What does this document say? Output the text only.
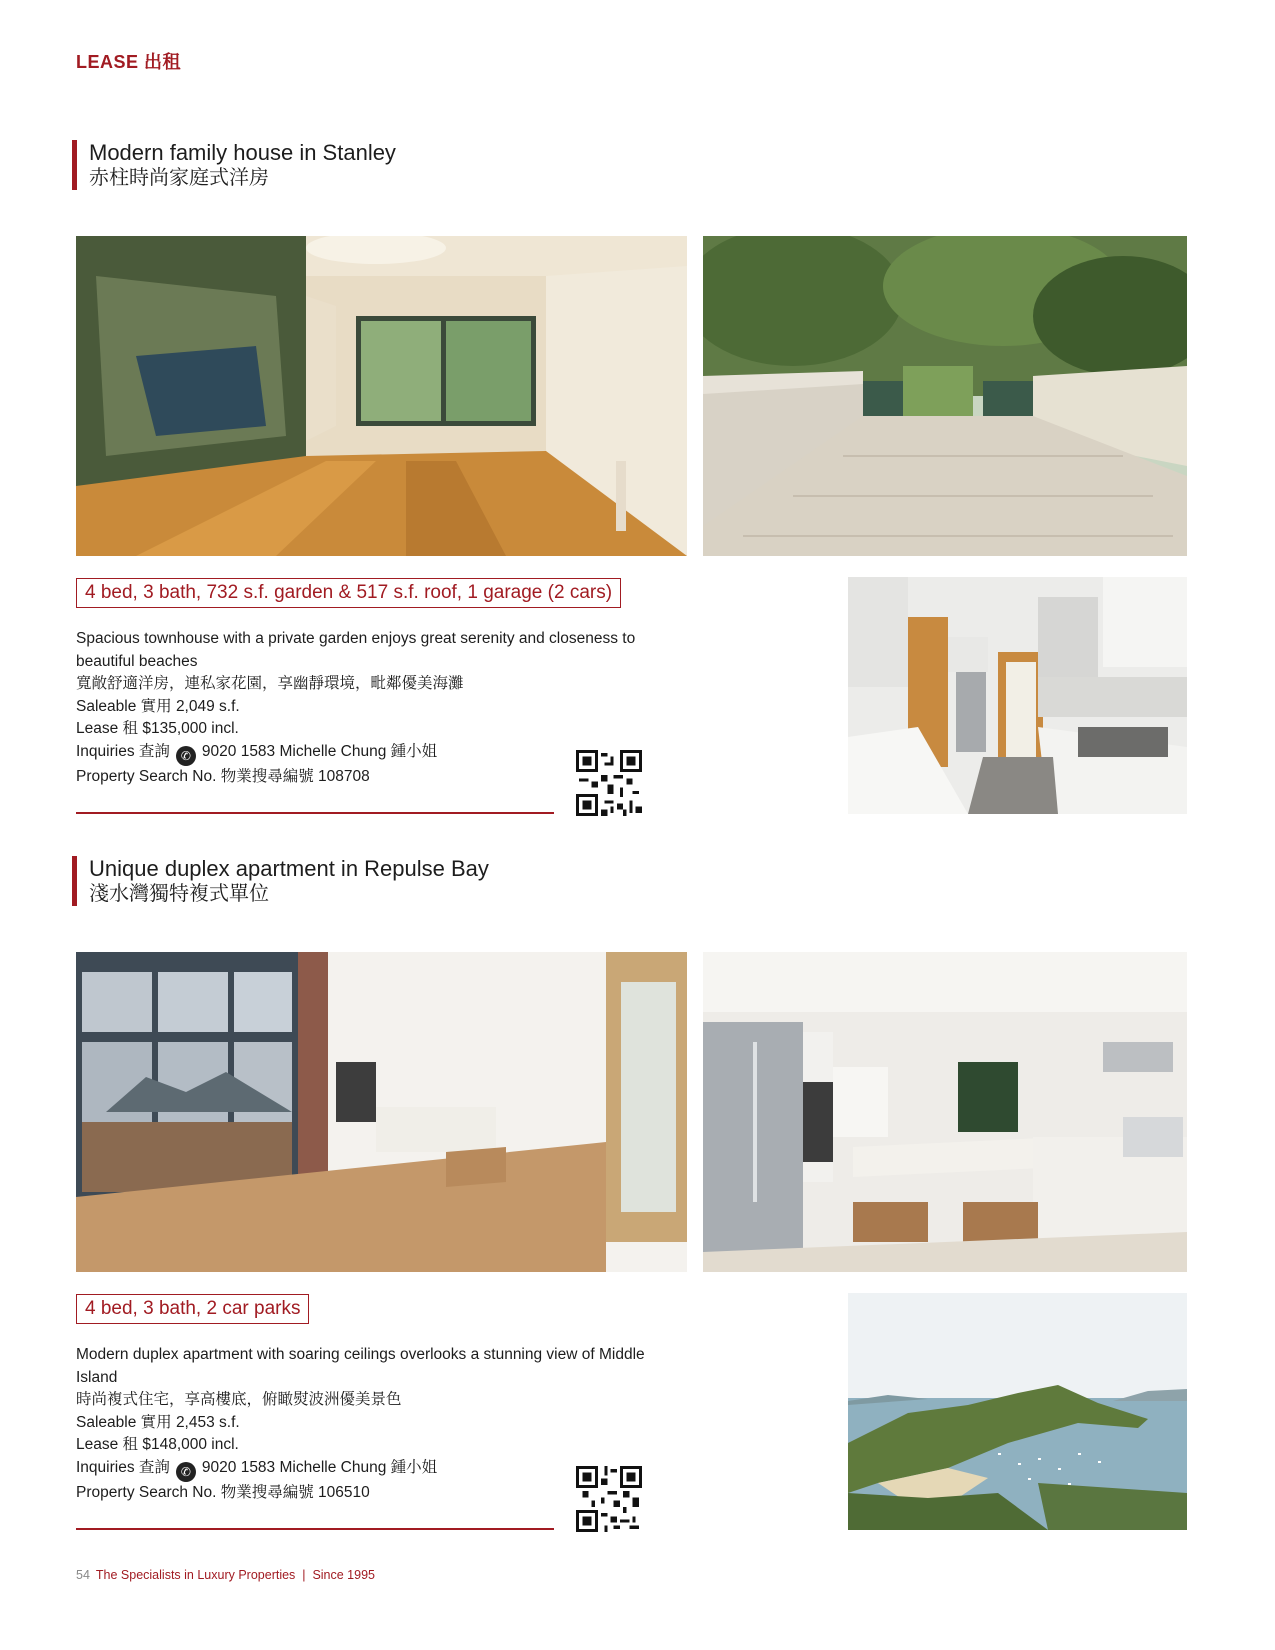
LEASE 出租
Modern family house in Stanley
赤柱時尚家庭式洋房
4 bed, 3 bath, 732 s.f. garden & 517 s.f. roof, 1 garage (2 cars)
Spacious townhouse with a private garden enjoys great serenity and closeness to beautiful beaches
寬敞舒適洋房，連私家花園，享幽靜環境，毗鄰優美海灘
Saleable 實用 2,049 s.f.
Lease 租 $135,000 incl.
Inquiries 查詢 ✆ 9020 1583 Michelle Chung 鍾小姐
Property Search No. 物業搜尋編號 108708
Unique duplex apartment in Repulse Bay
淺水灣獨特複式單位
4 bed, 3 bath, 2 car parks
Modern duplex apartment with soaring ceilings overlooks a stunning view of Middle Island
時尚複式住宅，享高樓底，俯瞰熨波洲優美景色
Saleable 實用 2,453 s.f.
Lease 租 $148,000 incl.
Inquiries 查詢 ✆ 9020 1583 Michelle Chung 鍾小姐
Property Search No. 物業搜尋編號 106510
54 The Specialists in Luxury Properties  |  Since 1995
